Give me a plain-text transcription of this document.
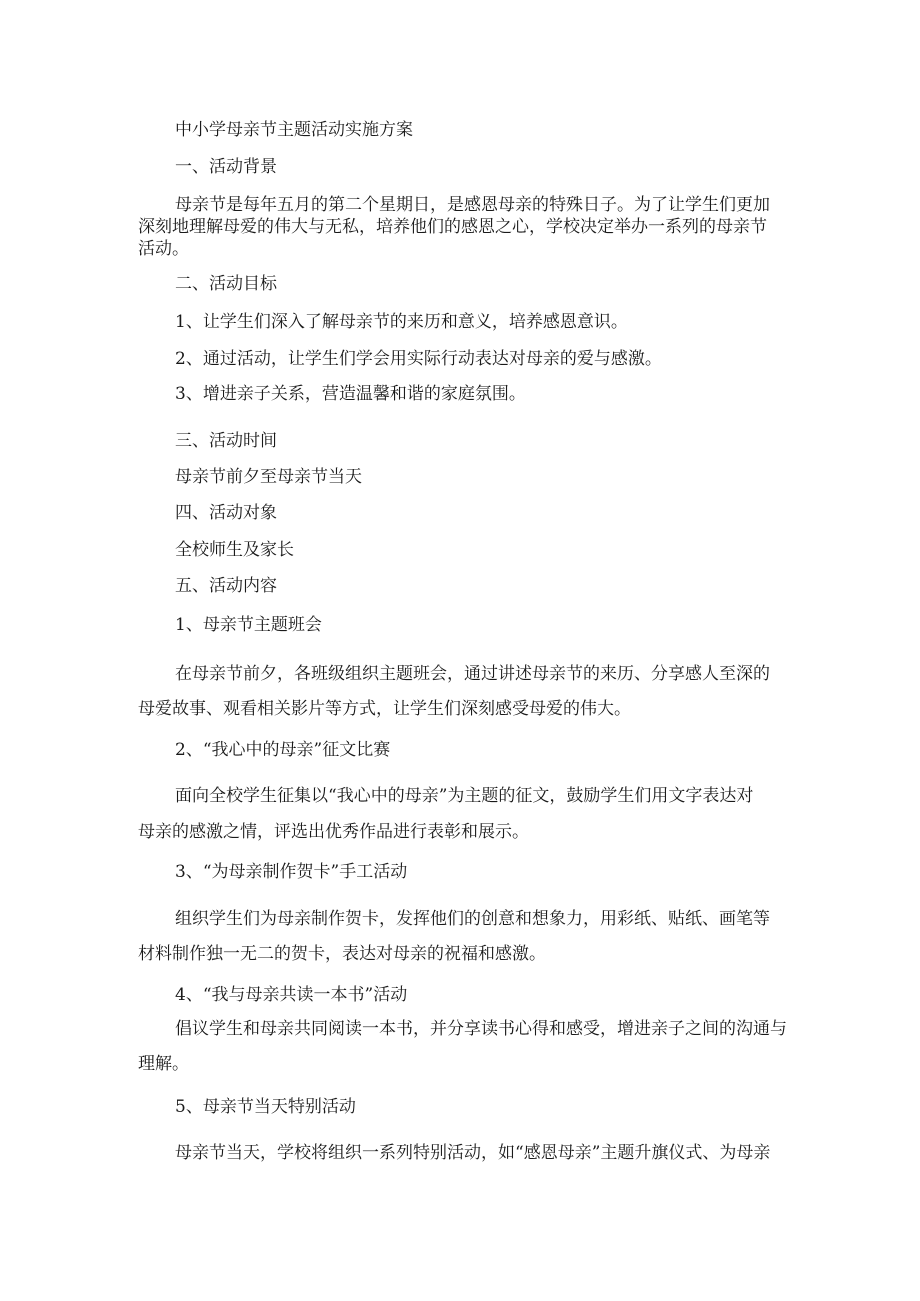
中小学母亲节主题活动实施方案

一、活动背景

母亲节是每年五月的第二个星期日，是感恩母亲的特殊日子。为了让学生们更加

深刻地理解母爱的伟大与无私，培养他们的感恩之心，学校决定举办一系列的母亲节

活动。

二、活动目标

1、让学生们深入了解母亲节的来历和意义，培养感恩意识。

2、通过活动，让学生们学会用实际行动表达对母亲的爱与感激。

3、增进亲子关系，营造温馨和谐的家庭氛围。

三、活动时间

母亲节前夕至母亲节当天

四、活动对象

全校师生及家长

五、活动内容

1、母亲节主题班会

在母亲节前夕，各班级组织主题班会，通过讲述母亲节的来历、分享感人至深的

母爱故事、观看相关影片等方式，让学生们深刻感受母爱的伟大。

2、“我心中的母亲”征文比赛

面向全校学生征集以“我心中的母亲”为主题的征文，鼓励学生们用文字表达对

母亲的感激之情，评选出优秀作品进行表彰和展示。

3、“为母亲制作贺卡”手工活动

组织学生们为母亲制作贺卡，发挥他们的创意和想象力，用彩纸、贴纸、画笔等

材料制作独一无二的贺卡，表达对母亲的祝福和感激。

4、“我与母亲共读一本书”活动

倡议学生和母亲共同阅读一本书，并分享读书心得和感受，增进亲子之间的沟通与

理解。

5、母亲节当天特别活动

母亲节当天，学校将组织一系列特别活动，如“感恩母亲”主题升旗仪式、为母亲
